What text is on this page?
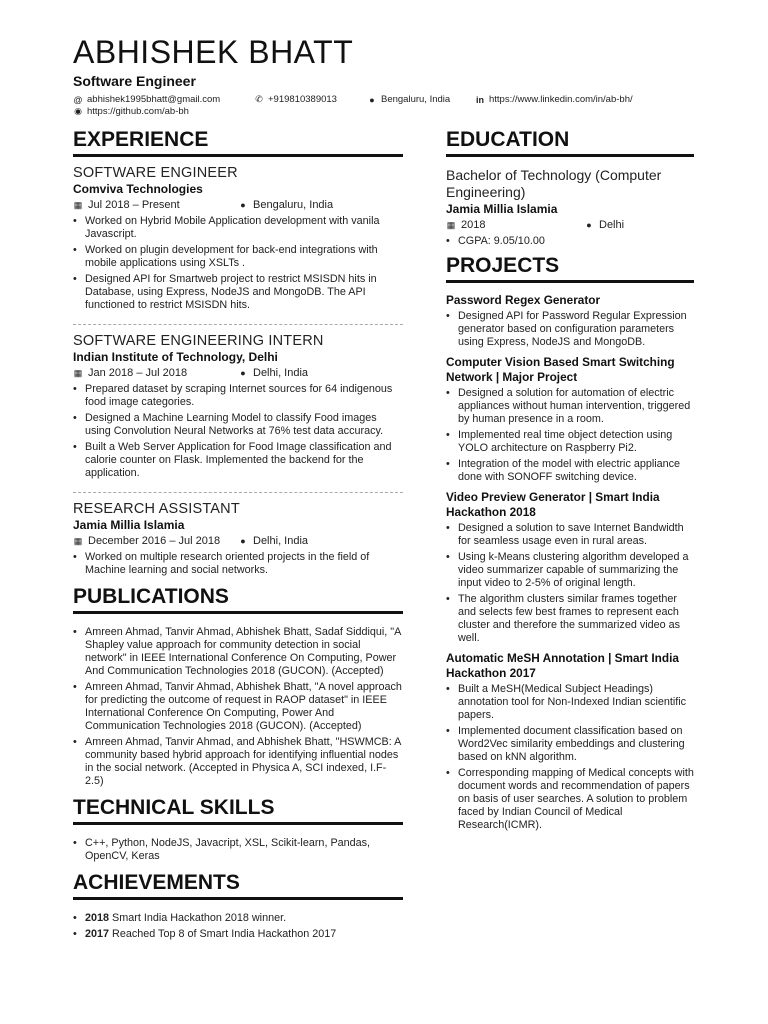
ABHISHEK BHATT
Software Engineer
@ abhishek1995bhatt@gmail.com	✆ +919810389013	● Bengaluru, India	in https://www.linkedin.com/in/ab-bh/
◉ https://github.com/ab-bh
EXPERIENCE
SOFTWARE ENGINEER
Comviva Technologies
▦ Jul 2018 – Present	● Bengaluru, India
• Worked on Hybrid Mobile Application development with vanila Javascript.
• Worked on plugin development for back-end integrations with mobile applications using XSLTs .
• Designed API for Smartweb project to restrict MSISDN hits in Database, using Express, NodeJS and MongoDB. The API functioned to restrict MSISDN hits.
SOFTWARE ENGINEERING INTERN
Indian Institute of Technology, Delhi
▦ Jan 2018 – Jul 2018	● Delhi, India
• Prepared dataset by scraping Internet sources for 64 indigenous food image categories.
• Designed a Machine Learning Model to classify Food images using Convolution Neural Networks at 76% test data accuracy.
• Built a Web Server Application for Food Image classification and calorie counter on Flask. Implemented the backend for the application.
RESEARCH ASSISTANT
Jamia Millia Islamia
▦ December 2016 – Jul 2018 ● Delhi, India
• Worked on multiple research oriented projects in the field of Machine learning and social networks.
PUBLICATIONS
• Amreen Ahmad, Tanvir Ahmad, Abhishek Bhatt, Sadaf Siddiqui, "A Shapley value approach for community detection in social network" in IEEE International Conference On Computing, Power And Communication Technologies 2018 (GUCON). (Accepted)
• Amreen Ahmad, Tanvir Ahmad, Abhishek Bhatt, "A novel approach for predicting the outcome of request in RAOP dataset" in IEEE International Conference On Computing, Power And Communication Technologies 2018 (GUCON). (Accepted)
• Amreen Ahmad, Tanvir Ahmad, and Abhishek Bhatt, "HSWMCB: A community based hybrid approach for identifying influential nodes in the social network. (Accepted in Physica A, SCI indexed, I.F-2.5)
TECHNICAL SKILLS
• C++, Python, NodeJS, Javacript, XSL, Scikit-learn, Pandas, OpenCV, Keras
ACHIEVEMENTS
• 2018 Smart India Hackathon 2018 winner.
• 2017 Reached Top 8 of Smart India Hackathon 2017
EDUCATION
Bachelor of Technology (Computer Engineering)
Jamia Millia Islamia
▦ 2018	● Delhi
• CGPA: 9.05/10.00
PROJECTS
Password Regex Generator
• Designed API for Password Regular Expression generator based on configuration parameters using Express, NodeJS and MongoDB.
Computer Vision Based Smart Switching Network | Major Project
• Designed a solution for automation of electric appliances without human intervention, triggered by human presence in a room.
• Implemented real time object detection using YOLO architecture on Raspberry Pi2.
• Integration of the model with electric appliance done with SONOFF switching device.
Video Preview Generator | Smart India Hackathon 2018
• Designed a solution to save Internet Bandwidth for seamless usage even in rural areas.
• Using k-Means clustering algorithm developed a video summarizer capable of summarizing the input video to 2-5% of original length.
• The algorithm clusters similar frames together and selects few best frames to represent each cluster and therefore the summarized video as well.
Automatic MeSH Annotation | Smart India Hackathon 2017
• Built a MeSH(Medical Subject Headings) annotation tool for Non-Indexed Indian scientific papers.
• Implemented document classification based on Word2Vec similarity embeddings and clustering based on kNN algorithm.
• Corresponding mapping of Medical concepts with document words and recommendation of papers on basis of user searches. A solution to problem faced by Indian Council of Medical Research(ICMR).
